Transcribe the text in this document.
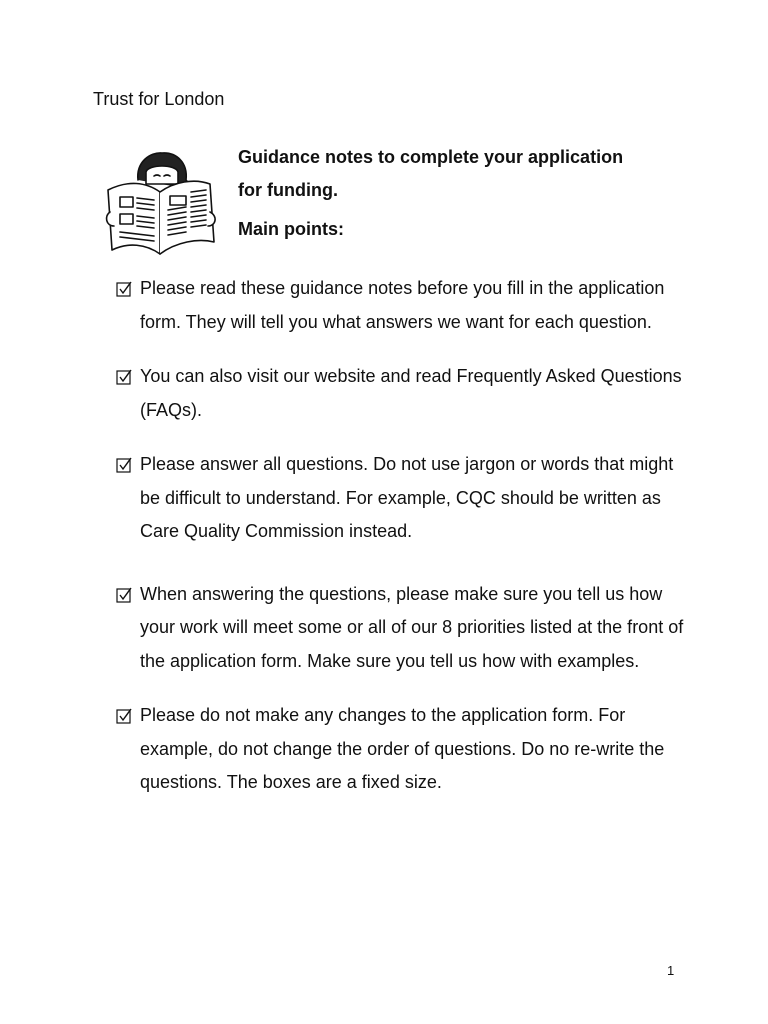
Trust for London
Guidance notes to complete your application for funding.
Main points:
Please read these guidance notes before you fill in the application form. They will tell you what answers we want for each question.
You can also visit our website and read Frequently Asked Questions (FAQs).
Please answer all questions. Do not use jargon or words that might be difficult to understand. For example, CQC should be written as Care Quality Commission instead.
When answering the questions, please make sure you tell us how your work will meet some or all of our 8 priorities listed at the front of the application form. Make sure you tell us how with examples.
Please do not make any changes to the application form. For example, do not change the order of questions. Do no re-write the questions. The boxes are a fixed size.
1
